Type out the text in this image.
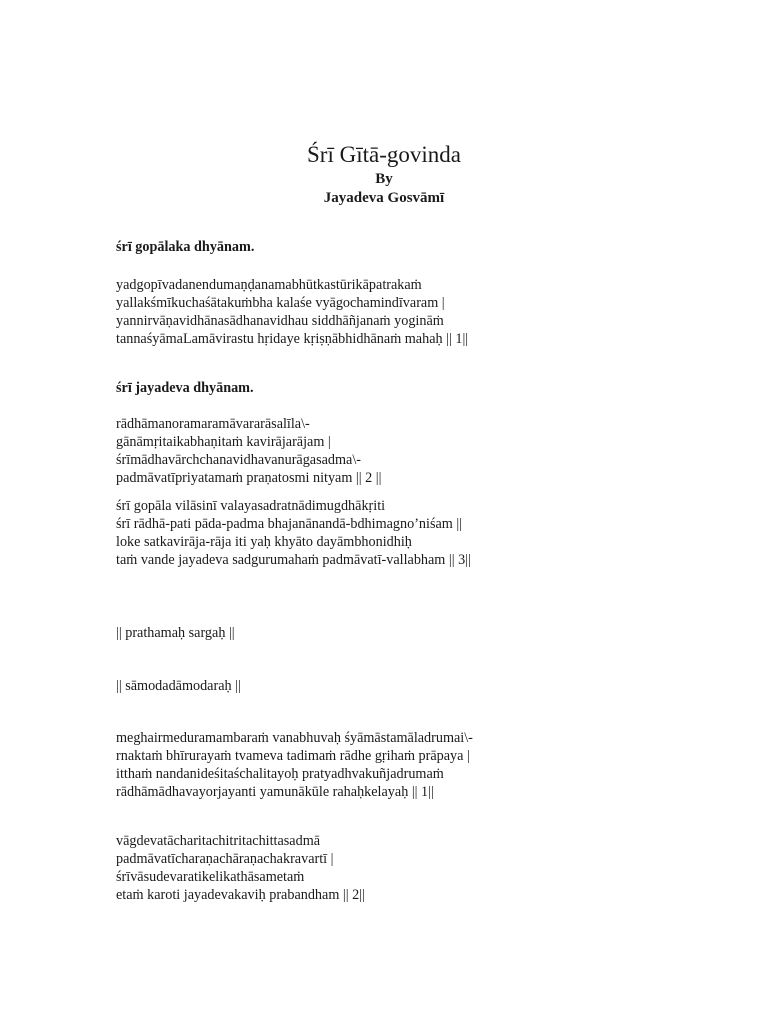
Śrī Gītā-govinda
By
Jayadeva Gosvāmī
śrī gopālaka dhyānam.
yadgopīvadanendumaṇḍanamabhūtkastūrikāpatrakaṁ
yallakśmīkuchaśātakuṁbha kalaśe vyāgochamindīvaram |
yannirvāṇavidhānasādhanavidhau siddhāñjanaṁ yogināṁ
tannaśyāmaLamāvirastu hṛidaye kṛiṣṇābhidhānaṁ mahaḥ || 1||
śrī jayadeva dhyānam.
rādhāmanoramaramāvararāsalīla\-
gānāmṛitaikabhaṇitaṁ kavirājarājam |
śrīmādhavārchchanavidhavanurāgasadma\-
padmāvatīpriyatamaṁ praṇatosmi nityam || 2 ||
śrī gopāla vilāsinī valayasadratnādimugdhākṛiti
śrī rādhā-pati pāda-padma bhajanānandā-bdhimagno’niśam ||
loke satkavirāja-rāja iti yaḥ khyāto dayāmbhonidhiḥ
taṁ vande jayadeva sadgurumahaṁ padmāvatī-vallabham || 3||
|| prathamaḥ sargaḥ ||
|| sāmodadāmodaraḥ ||
meghairmeduramambaraṁ vanabhuvaḥ śyāmāstamāladrumai\-
rnaktaṁ bhīrurayaṁ tvameva tadimaṁ rādhe gṛihaṁ prāpaya |
itthaṁ nandanideśitaśchalitayoḥ pratyadhvakuñjadrumaṁ
rādhāmādhavayorjayanti yamunākūle rahaḥkelayaḥ || 1||
vāgdevatācharitachitritachittasadmā
padmāvatīcharaṇachāraṇachakravartī |
śrīvāsudevaratikelikathāsametaṁ
etaṁ karoti jayadevakaviḥ prabandham || 2||
